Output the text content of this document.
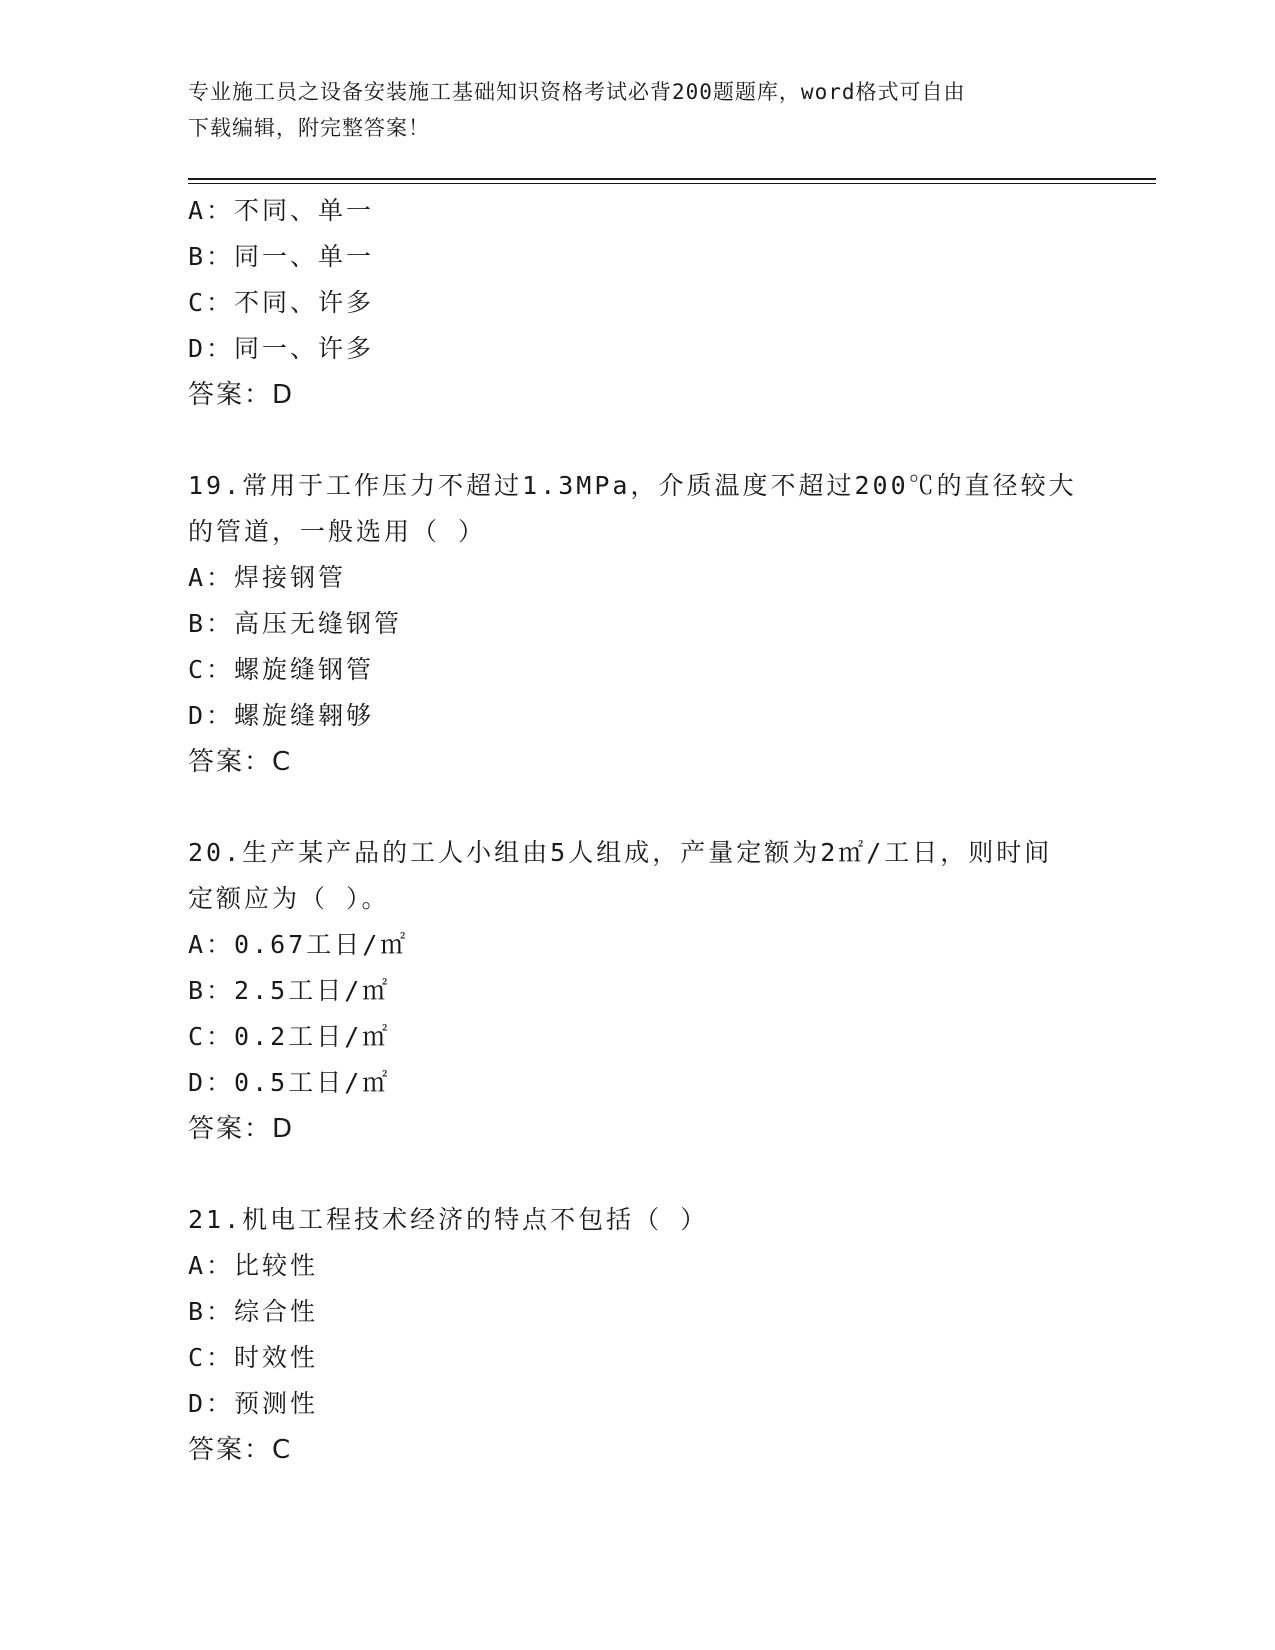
专业施工员之设备安装施工基础知识资格考试必背200题题库，word格式可自由
下载编辑，附完整答案！
A：不同、单一
B：同一、单一
C：不同、许多
D：同一、许多
答案：D
19.常用于工作压力不超过1.3MPa，介质温度不超过200℃的直径较大
的管道，一般选用（ ）
A：焊接钢管
B：高压无缝钢管
C：螺旋缝钢管
D：螺旋缝翱够
答案：C
20.生产某产品的工人小组由5人组成，产量定额为2㎡/工日，则时间
定额应为（ ）。
A：0.67工日/㎡
B：2.5工日/㎡
C：0.2工日/㎡
D：0.5工日/㎡
答案：D
21.机电工程技术经济的特点不包括（ ）
A：比较性
B：综合性
C：时效性
D：预测性
答案：C
